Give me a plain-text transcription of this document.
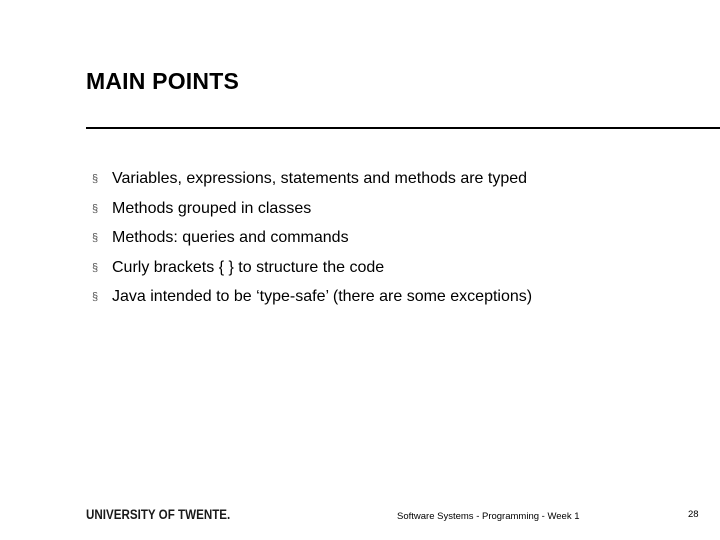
MAIN POINTS
§ Variables, expressions, statements and methods are typed
§ Methods grouped in classes
§ Methods: queries and commands
§ Curly brackets { } to structure the code
§ Java intended to be ‘type-safe’ (there are some exceptions)
UNIVERSITY OF TWENTE.	Software Systems - Programming - Week 1	28
